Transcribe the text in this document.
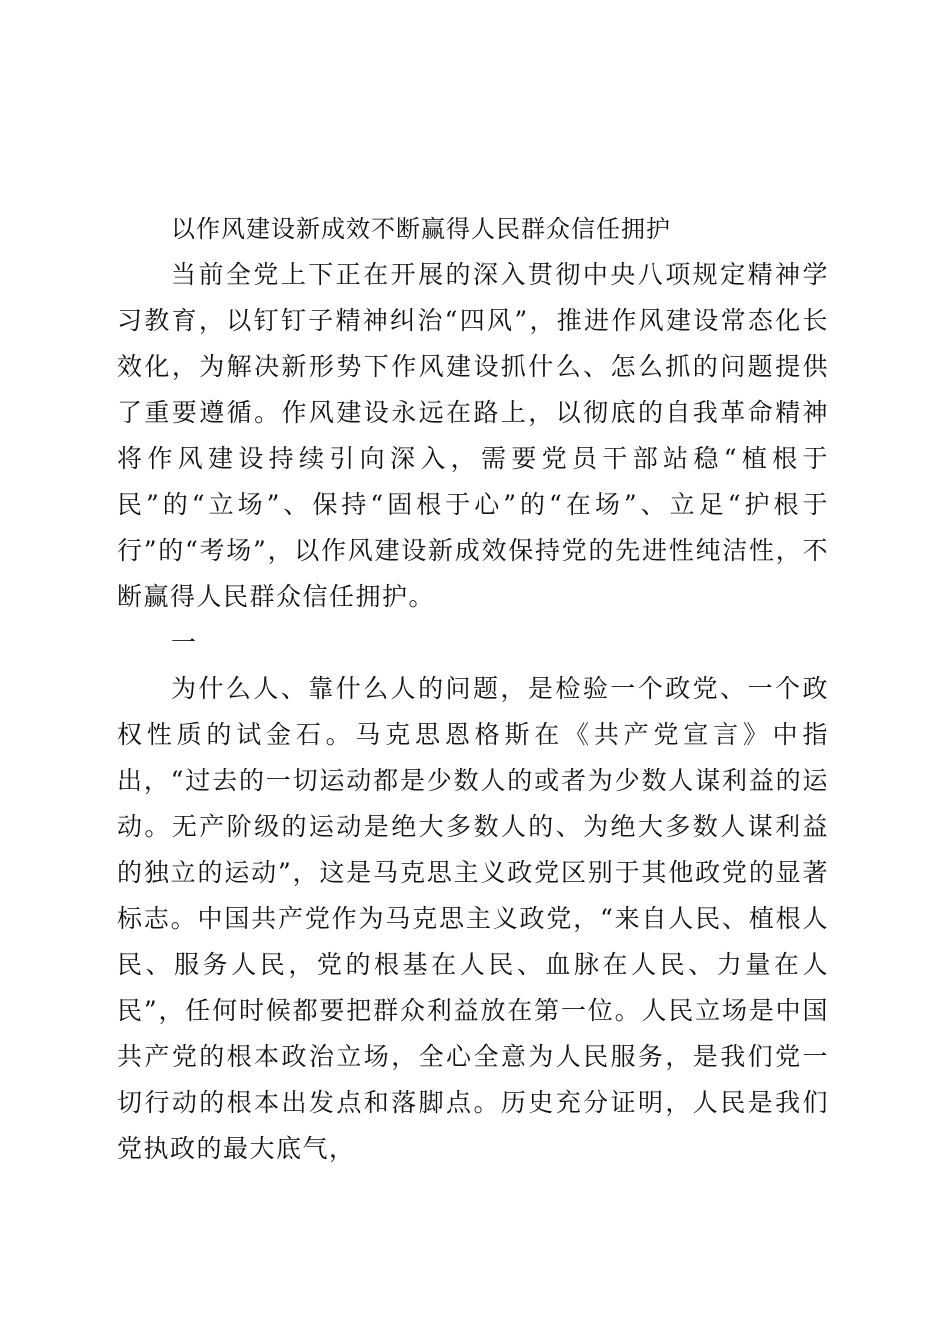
以作风建设新成效不断赢得人民群众信任拥护

当前全党上下正在开展的深入贯彻中央八项规定精神学习教育，以钉钉子精神纠治“四风”，推进作风建设常态化长效化，为解决新形势下作风建设抓什么、怎么抓的问题提供了重要遵循。作风建设永远在路上，以彻底的自我革命精神将作风建设持续引向深入，需要党员干部站稳“植根于民”的“立场”、保持“固根于心”的“在场”、立足“护根于行”的“考场”，以作风建设新成效保持党的先进性纯洁性，不断赢得人民群众信任拥护。

一

为什么人、靠什么人的问题，是检验一个政党、一个政权性质的试金石。马克思恩格斯在《共产党宣言》中指出，“过去的一切运动都是少数人的或者为少数人谋利益的运动。无产阶级的运动是绝大多数人的、为绝大多数人谋利益的独立的运动”，这是马克思主义政党区别于其他政党的显著标志。中国共产党作为马克思主义政党，“来自人民、植根人民、服务人民，党的根基在人民、血脉在人民、力量在人民”，任何时候都要把群众利益放在第一位。人民立场是中国共产党的根本政治立场，全心全意为人民服务，是我们党一切行动的根本出发点和落脚点。历史充分证明，人民是我们党执政的最大底气，
